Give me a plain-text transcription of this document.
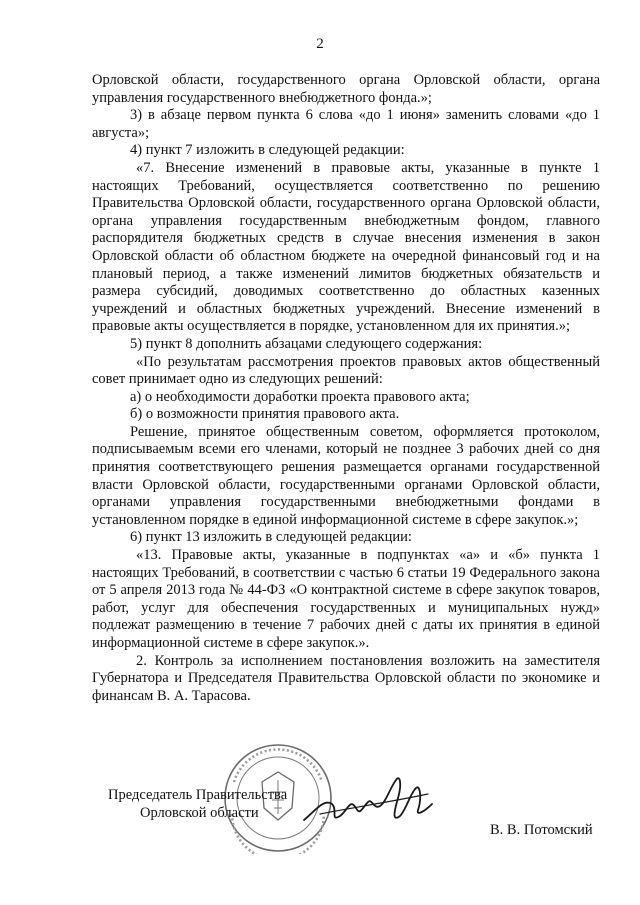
2

Орловской области, государственного органа Орловской области, органа управления государственного внебюджетного фонда.»;

3) в абзаце первом пункта 6 слова «до 1 июня» заменить словами «до 1 августа»;

4) пункт 7 изложить в следующей редакции:

«7. Внесение изменений в правовые акты, указанные в пункте 1 настоящих Требований, осуществляется соответственно по решению Правительства Орловской области, государственного органа Орловской области, органа управления государственным внебюджетным фондом, главного распорядителя бюджетных средств в случае внесения изменения в закон Орловской области об областном бюджете на очередной финансовый год и на плановый период, а также изменений лимитов бюджетных обязательств и размера субсидий, доводимых соответственно до областных казенных учреждений и областных бюджетных учреждений. Внесение изменений в правовые акты осуществляется в порядке, установленном для их принятия.»;

5) пункт 8 дополнить абзацами следующего содержания:

«По результатам рассмотрения проектов правовых актов общественный совет принимает одно из следующих решений:

а) о необходимости доработки проекта правового акта;

б) о возможности принятия правового акта.

Решение, принятое общественным советом, оформляется протоколом, подписываемым всеми его членами, который не позднее 3 рабочих дней со дня принятия соответствующего решения размещается органами государственной власти Орловской области, государственными органами Орловской области, органами управления государственными внебюджетными фондами в установленном порядке в единой информационной системе в сфере закупок.»;

6) пункт 13 изложить в следующей редакции:

«13. Правовые акты, указанные в подпунктах «а» и «б» пункта 1 настоящих Требований, в соответствии с частью 6 статьи 19 Федерального закона от 5 апреля 2013 года № 44-ФЗ «О контрактной системе в сфере закупок товаров, работ, услуг для обеспечения государственных и муниципальных нужд» подлежат размещению в течение 7 рабочих дней с даты их принятия в единой информационной системе в сфере закупок.».

2. Контроль за исполнением постановления возложить на заместителя Губернатора и Председателя Правительства Орловской области по экономике и финансам В. А. Тарасова.

Председатель Правительства
Орловской области
В. В. Потомский
